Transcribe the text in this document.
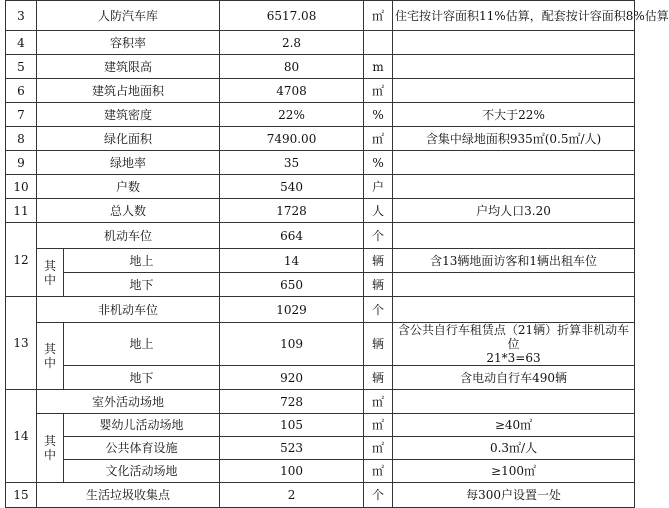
3	人防汽车库		6517.08	㎡	住宅按计容面积11%估算，配套按计容面积8%估算
4	容积率		2.8		
5	建筑限高		80	m	
6	建筑占地面积		4708	㎡	
7	建筑密度		22%	%	不大于22%
8	绿化面积		7490.00	㎡	含集中绿地面积935㎡(0.5㎡/人)
9	绿地率		35	%	
10	户数		540	户	
11	总人数		1728	人	户均人口3.20
12	机动车位		664	个	
	其中	地上	14	辆	含13辆地面访客和1辆出租车位
		地下	650	辆	
13	非机动车位		1029	个	
	其中	地上	109	辆	含公共自行车租赁点（21辆）折算非机动车位
21*3=63

		地下	920	辆	含电动自行车490辆
14	室外活动场地		728	㎡	
	其中	婴幼儿活动场地	105	㎡	≥40㎡
		公共体育设施	523	㎡	0.3㎡/人
		文化活动场地	100	㎡	≥100㎡
15	生活垃圾收集点		2	个	每300户设置一处
